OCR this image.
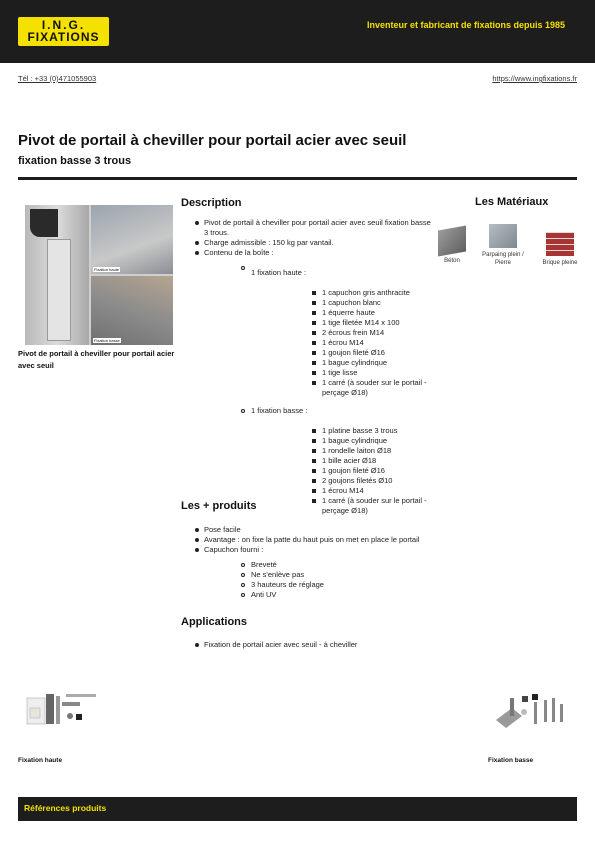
I.N.G.
FIXATIONS
Inventeur et fabricant de fixations depuis 1985
Tél : +33 (0)471055903	https://www.ingfixations.fr
Pivot de portail à cheviller pour portail acier avec seuil
fixation basse 3 trous
Fixation haute
Fixation basse
Pivot de portail à cheviller pour portail acier avec seuil
Description
Pivot de portail à cheviller pour portail acier avec seuil fixation basse 3 trous.
Charge admissible : 150 kg par vantail.
Contenu de la boîte :
1 fixation haute :
1 capuchon gris anthracite
1 capuchon blanc
1 équerre haute
1 tige filetée M14 x 100
2 écrous frein M14
1 écrou M14
1 goujon fileté Ø16
1 bague cylindrique
1 tige lisse
1 carré (à souder sur le portail - perçage Ø18)
1 fixation basse :
1 platine basse 3 trous
1 bague cylindrique
1 rondelle laiton Ø18
1 bille acier Ø18
1 goujon fileté Ø16
2 goujons filetés Ø10
1 écrou M14
1 carré (à souder sur le portail - perçage Ø18)
Les + produits
Pose facile
Avantage : on fixe la patte du haut puis on met en place le portail
Capuchon fourni :
Breveté
Ne s'enlève pas
3 hauteurs de réglage
Anti UV
Applications
Fixation de portail acier avec seuil - à cheviller
Les Matériaux
Béton
Parpaing plein / Pierre	Brique pleine
Fixation haute	Fixation basse
Références produits
